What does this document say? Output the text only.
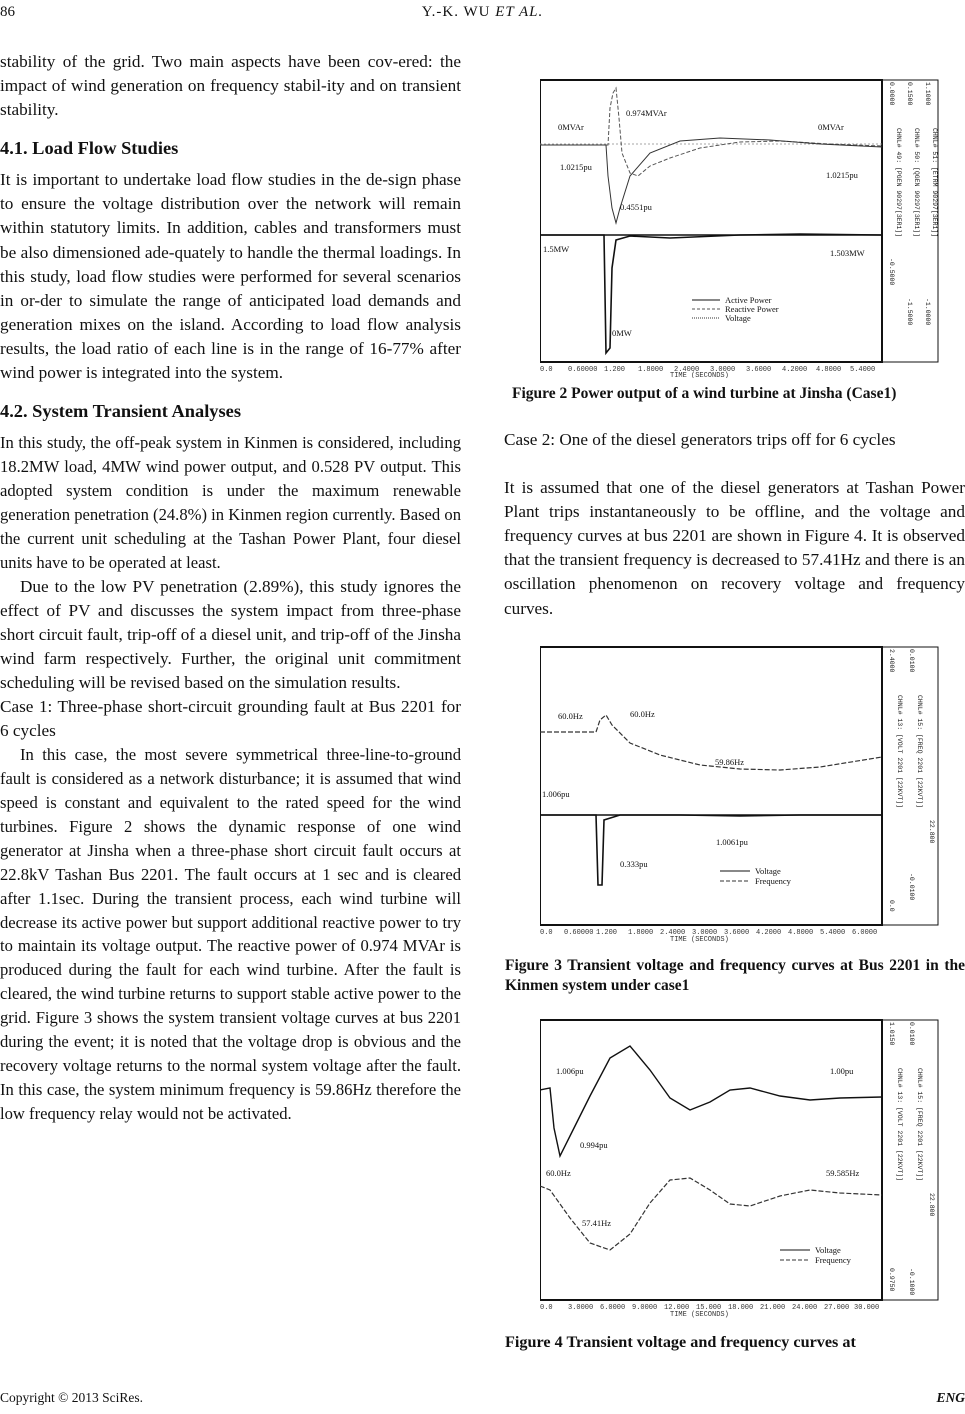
86	Y.-K. WU ET AL.

stability of the grid. Two main aspects have been cov-ered: the impact of wind generation on frequency stabil-ity and on transient stability.

4.1. Load Flow Studies

It is important to undertake load flow studies in the de-sign phase to ensure the voltage distribution over the network will remain within statutory limits. In addition, cables and transformers must be also dimensioned ade-quately to handle the thermal loadings. In this study, load flow studies were performed for several scenarios in or-der to simulate the range of anticipated load demands and generation mixes on the island. According to load flow analysis results, the load ratio of each line is in the range of 16-77% after wind power is integrated into the system.

4.2. System Transient Analyses

In this study, the off-peak system in Kinmen is considered, including 18.2MW load, 4MW wind power output, and 0.528 PV output. This adopted system condition is under the maximum renewable generation penetration (24.8%) in Kinmen region currently. Based on the current unit scheduling at the Tashan Power Plant, four diesel units have to be operated at least.

Due to the low PV penetration (2.89%), this study ignores the effect of PV and discusses the system impact from three-phase short circuit fault, trip-off of a diesel unit, and trip-off of the Jinsha wind farm respectively. Further, the original unit commitment scheduling will be revised based on the simulation results.

Case 1: Three-phase short-circuit grounding fault at Bus 2201 for 6 cycles

In this case, the most severe symmetrical three-line-to-ground fault is considered as a network disturbance; it is assumed that wind speed is constant and equivalent to the rated speed for the wind turbines. Figure 2 shows the dynamic response of one wind generator at Jinsha when a three-phase short circuit fault occurs at 22.8kV Tashan Bus 2201. The fault occurs at 1 sec and is cleared after 1.1sec. During the transient process, each wind turbine will decrease its active power but support additional reactive power to try to maintain its voltage output. The reactive power of 0.974 MVAr is produced during the fault for each wind turbine. After the fault is cleared, the wind turbine returns to support stable active power to the grid. Figure 3 shows the system transient voltage curves at bus 2201 during the event; it is noted that the voltage drop is obvious and the recovery voltage returns to the normal system voltage after the fault. In this case, the system minimum frequency is 59.86Hz therefore the low frequency relay would not be activated.

0MVAr
0.974MVAr
0MVAr
1.0215pu
1.0215pu
0.4551pu
1.5MW	1.503MW
0MW
Active Power
Reactive Power
Voltage
0.0 0.60000 1.200 1.8000 2.4000 3.0000 3.6000 4.2000 4.8000 5.4000
TIME (SECONDS)
0.0000 0.1500 1.1000
-0.5000
-1.5000 -1.0000
CHNL# 49: [PGEN 90297[3ER1]] CHNL# 50: [QGEN 90297[3ER1]] CHNL# 51: [ETRM 90297[3ER1]]
Figure 2 Power output of a wind turbine at Jinsha (Case1)

Case 2: One of the diesel generators trips off for 6 cycles

It is assumed that one of the diesel generators at Tashan Power Plant trips instantaneously to be offline, and the voltage and frequency curves at bus 2201 are shown in Figure 4. It is observed that the transient frequency is decreased to 57.41Hz and there is an oscillation phenomenon on recovery voltage and frequency curves.

60.0Hz	60.0Hz
59.86Hz
1.006pu
1.0061pu
0.333pu
Voltage
Frequency
0.0 0.60000 1.200 1.8000 2.4000 3.0000 3.6000 4.2000 4.8000 5.4000 6.0000
TIME (SECONDS)
2.4000 0.0100
-0.0100
0.0
CHNL# 13: [VOLT 2201 [22KVT]] CHNL# 15: [FREQ 2201 [22KVT]]
22.800
Figure 3 Transient voltage and frequency curves at Bus 2201 in the Kinmen system under case1
1.006pu	1.00pu
0.994pu
60.0Hz	59.585Hz
57.41Hz
Voltage
Frequency
0.0 3.0000 6.0000 9.0000 12.000 15.000 18.000 21.000 24.000 27.000 30.000
TIME (SECONDS)
1.0150 0.0100
0.9750 -0.1000
CHNL# 13: [VOLT 2201 [22KVT]] CHNL# 15: [FREQ 2201 [22KVT]]
22.800
Figure 4 Transient voltage and frequency curves at
Copyright © 2013 SciRes.	ENG
